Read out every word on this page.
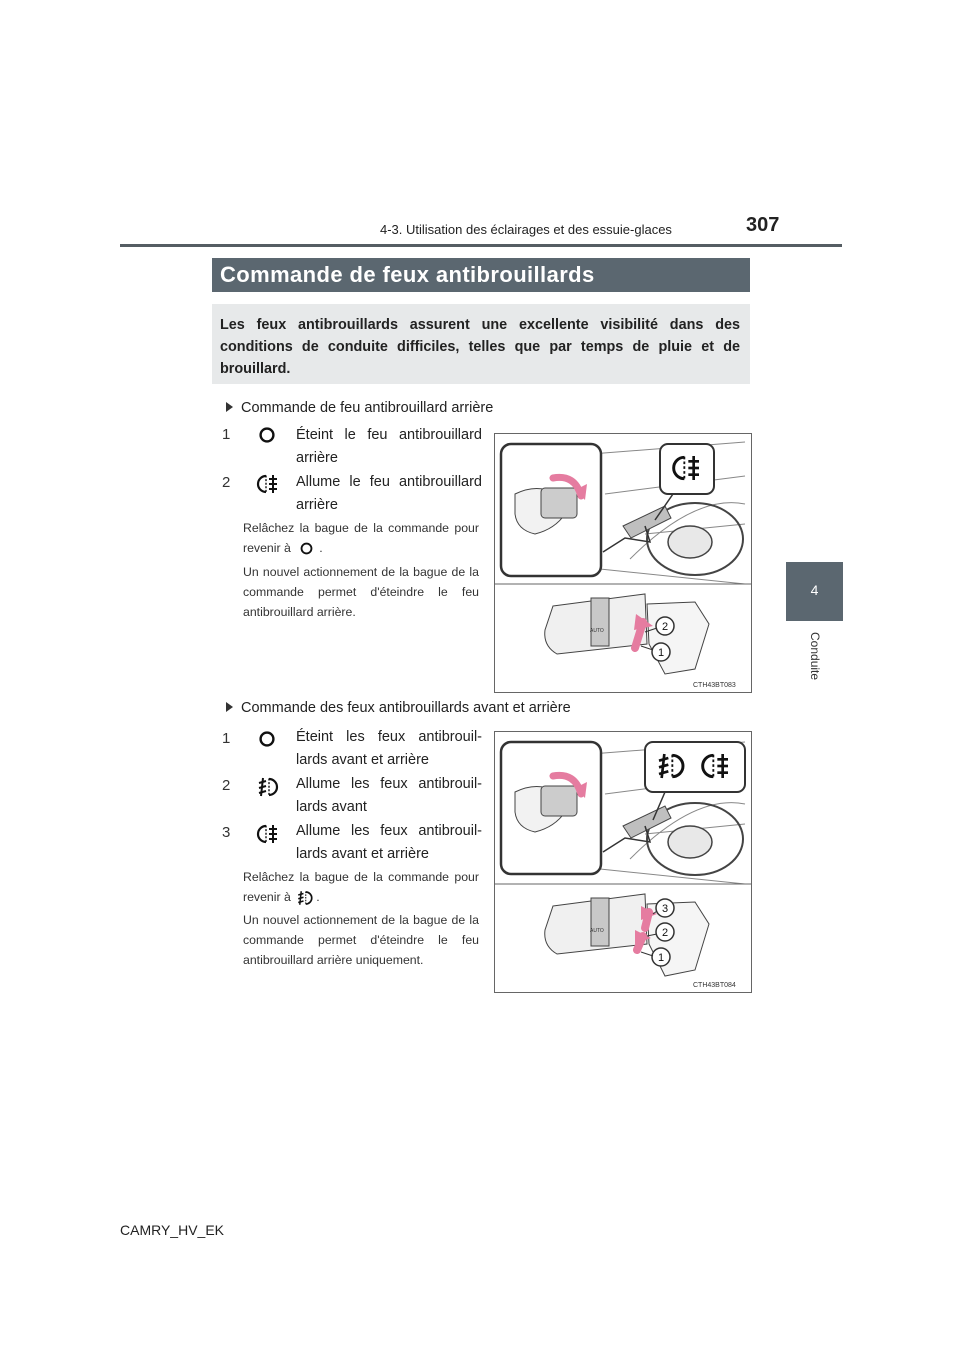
4-3. Utilisation des éclairages et des essuie-glaces	307
4
Conduite
Commande de feux antibrouillards
Les feux antibrouillards assurent une excellente visibilité dans des conditions de conduite difficiles, telles que par temps de pluie et de brouillard.
Commande de feu antibrouillard arrière
1	Éteint le feu antibrouillard arrière
2	Allume le feu antibrouillard arrière
Relâchez la bague de la commande pour revenir à .
Un nouvel actionnement de la bague de la commande permet d'éteindre le feu antibrouillard arrière.
AUTO	2
1
CTH43BT083
Commande des feux antibrouillards avant et arrière
1	Éteint les feux antibrouil-lards avant et arrière
2	Allume les feux antibrouil-lards avant
3	Allume les feux antibrouil-lards avant et arrière
Relâchez la bague de la commande pour revenir à .
Un nouvel actionnement de la bague de la commande permet d'éteindre le feu antibrouillard arrière uniquement.
AUTO
3
2
1
CTH43BT084
CAMRY_HV_EK
